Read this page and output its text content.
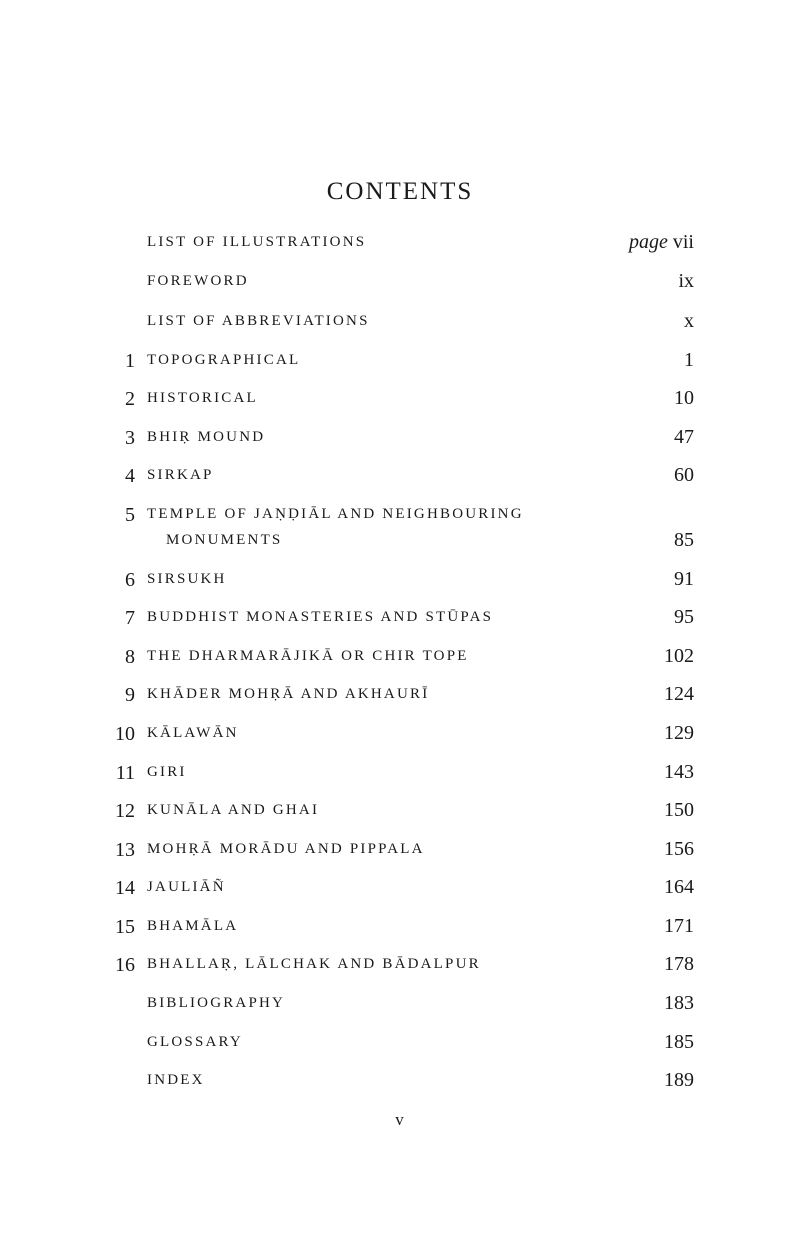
CONTENTS
LIST OF ILLUSTRATIONS	page vii
FOREWORD	ix
LIST OF ABBREVIATIONS	x
1 TOPOGRAPHICAL	1
2 HISTORICAL	10
3 BHIṚ MOUND	47
4 SIRKAP	60
5 TEMPLE OF JAṆḌIĀL AND NEIGHBOURING
MONUMENTS	85
6 SIRSUKH	91
7 BUDDHIST MONASTERIES AND STŪPAS	95
8 THE DHARMARĀJIKĀ OR CHIR TOPE	102
9 KHĀDER MOHṚĀ AND AKHAURĪ	124
10 KĀLAWĀN	129
11 GIRI	143
12 KUNĀLA AND GHAI	150
13 MOHṚĀ MORĀDU AND PIPPALA	156
14 JAULIĀÑ	164
15 BHAMĀLA	171
16 BHALLAṚ, LĀLCHAK AND BĀDALPUR	178
BIBLIOGRAPHY	183
GLOSSARY	185
INDEX	189
v
